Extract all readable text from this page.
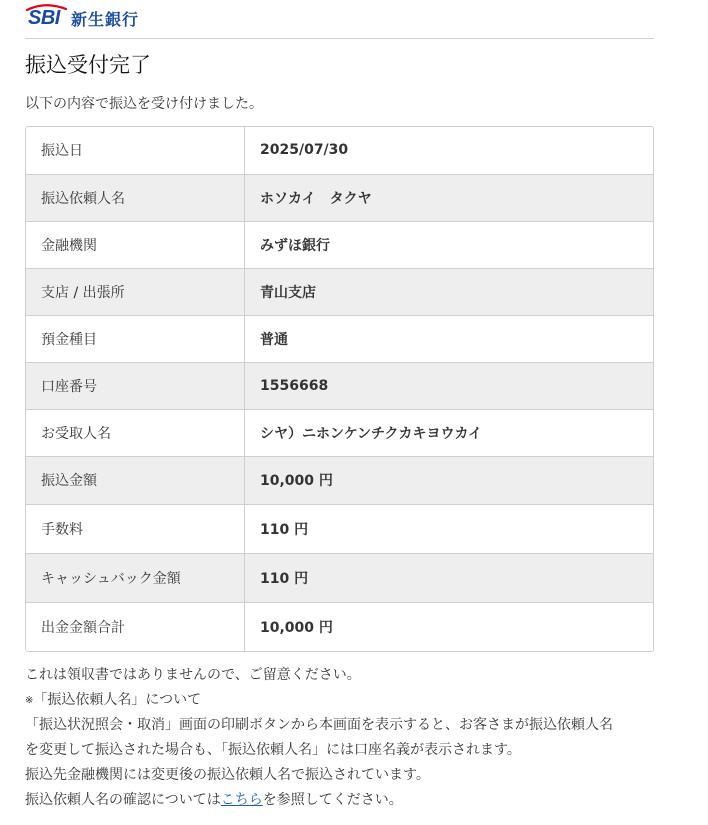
SBI 新生銀行
振込受付完了
以下の内容で振込を受け付けました。
振込日	2025/07/30
振込依頼人名	ホソカイ　タクヤ
金融機関	みずほ銀行
支店 / 出張所	青山支店
預金種目	普通
口座番号	1556668
お受取人名	シヤ）ニホンケンチクカキヨウカイ
振込金額	10,000 円
手数料	110 円
キャッシュバック金額	110 円
出金金額合計	10,000 円

これは領収書ではありませんので、ご留意ください。

※「振込依頼人名」について

「振込状況照会・取消」画面の印刷ボタンから本画面を表示すると、お客さまが振込依頼人名

を変更して振込された場合も、「振込依頼人名」には口座名義が表示されます。

振込先金融機関には変更後の振込依頼人名で振込されています。

振込依頼人名の確認についてはこちらを参照してください。
